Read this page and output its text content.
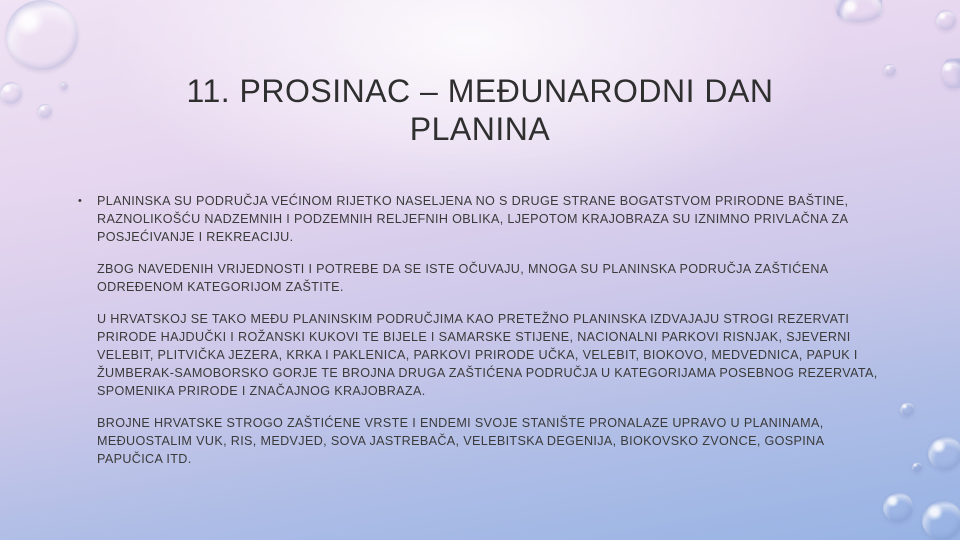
11. PROSINAC – MEĐUNARODNI DAN
PLANINA

• PLANINSKA SU PODRUČJA VEĆINOM RIJETKO NASELJENA NO S DRUGE STRANE BOGATSTVOM PRIRODNE BAŠTINE, RAZNOLIKOŠĆU NADZEMNIH I PODZEMNIH RELJEFNIH OBLIKA, LJEPOTOM KRAJOBRAZA SU IZNIMNO PRIVLAČNA ZA POSJEĆIVANJE I REKREACIJU.

ZBOG NAVEDENIH VRIJEDNOSTI I POTREBE DA SE ISTE OČUVAJU, MNOGA SU PLANINSKA PODRUČJA ZAŠTIĆENA ODREĐENOM KATEGORIJOM ZAŠTITE.

U HRVATSKOJ SE TAKO MEĐU PLANINSKIM PODRUČJIMA KAO PRETEŽNO PLANINSKA IZDVAJAJU STROGI REZERVATI PRIRODE HAJDUČKI I ROŽANSKI KUKOVI TE BIJELE I SAMARSKE STIJENE, NACIONALNI PARKOVI RISNJAK, SJEVERNI VELEBIT, PLITVIČKA JEZERA, KRKA I PAKLENICA, PARKOVI PRIRODE UČKA, VELEBIT, BIOKOVO, MEDVEDNICA, PAPUK I ŽUMBERAK-SAMOBORSKO GORJE TE BROJNA DRUGA ZAŠTIĆENA PODRUČJA U KATEGORIJAMA POSEBNOG REZERVATA, SPOMENIKA PRIRODE I ZNAČAJNOG KRAJOBRAZA.

BROJNE HRVATSKE STROGO ZAŠTIĆENE VRSTE I ENDEMI SVOJE STANIŠTE PRONALAZE UPRAVO U PLANINAMA, MEĐUOSTALIM VUK, RIS, MEDVJED, SOVA JASTREBAČA, VELEBITSKA DEGENIJA, BIOKOVSKO ZVONCE, GOSPINA PAPUČICA ITD.
